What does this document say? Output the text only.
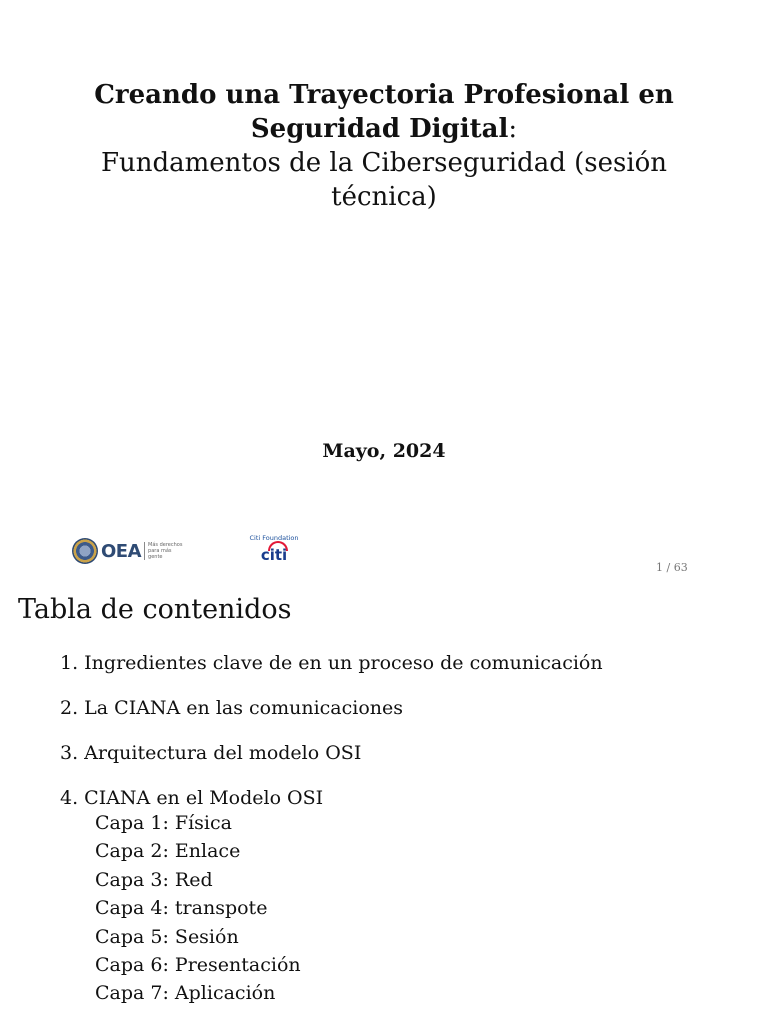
Creando una Trayectoria Profesional en
Seguridad Digital:

Fundamentos de la Ciberseguridad (sesión
técnica)

Mayo, 2024
OEA Más derechos para más gente
Citi Foundation
citi
1 / 63
Tabla de contenidos
1. Ingredientes clave de en un proceso de comunicación
2. La CIANA en las comunicaciones
3. Arquitectura del modelo OSI
4. CIANA en el Modelo OSI
Capa 1: Física
Capa 2: Enlace
Capa 3: Red
Capa 4: transpote
Capa 5: Sesión
Capa 6: Presentación
Capa 7: Aplicación
